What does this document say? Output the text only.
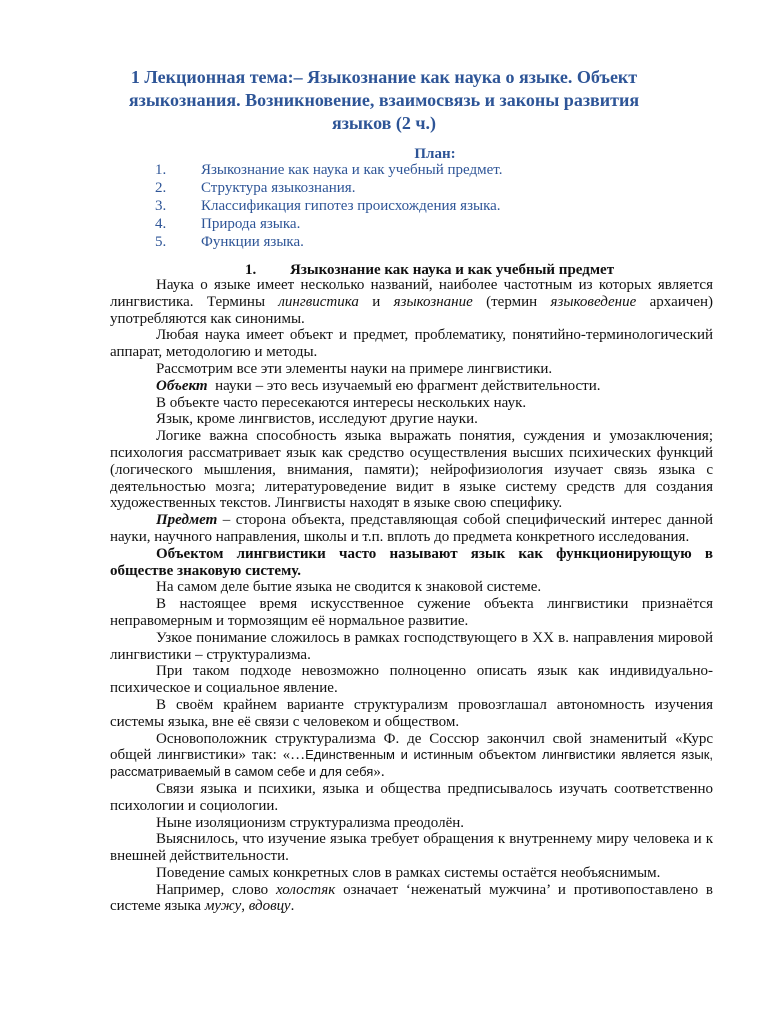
1 Лекционная тема:– Языкознание как наука о языке. Объект языкознания. Возникновение, взаимосвязь и законы развития языков (2 ч.)
План:
1. Языкознание как наука и как учебный предмет.
2. Структура языкознания.
3. Классификация гипотез происхождения языка.
4. Природа языка.
5. Функции языка.
1. Языкознание как наука и как учебный предмет

Наука о языке имеет несколько названий, наиболее частотным из которых является лингвистика. Термины лингвистика и языкознание (термин языковедение архаичен) употребляются как синонимы.

Любая наука имеет объект и предмет, проблематику, понятийно-терминологический аппарат, методологию и методы.

Рассмотрим все эти элементы науки на примере лингвистики.

Объект науки – это весь изучаемый ею фрагмент действительности.

В объекте часто пересекаются интересы нескольких наук.

Язык, кроме лингвистов, исследуют другие науки.

Логике важна способность языка выражать понятия, суждения и умозаключения; психология рассматривает язык как средство осуществления высших психических функций (логического мышления, внимания, памяти); нейрофизиология изучает связь языка с деятельностью мозга; литературоведение видит в языке систему средств для создания художественных текстов. Лингвисты находят в языке свою специфику.

Предмет – сторона объекта, представляющая собой специфический интерес данной науки, научного направления, школы и т.п. вплоть до предмета конкретного исследования.

Объектом лингвистики часто называют язык как функционирующую в обществе знаковую систему.

На самом деле бытие языка не сводится к знаковой системе.

В настоящее время искусственное сужение объекта лингвистики признаётся неправомерным и тормозящим её нормальное развитие.

Узкое понимание сложилось в рамках господствующего в XX в. направления мировой лингвистики – структурализма.

При таком подходе невозможно полноценно описать язык как индивидуально-психическое и социальное явление.

В своём крайнем варианте структурализм провозглашал автономность изучения системы языка, вне её связи с человеком и обществом.

Основоположник структурализма Ф. де Соссюр закончил свой знаменитый «Курс общей лингвистики» так: «…Единственным и истинным объектом лингвистики является язык, рассматриваемый в самом себе и для себя».

Связи языка и психики, языка и общества предписывалось изучать соответственно психологии и социологии.

Ныне изоляционизм структурализма преодолён.

Выяснилось, что изучение языка требует обращения к внутреннему миру человека и к внешней действительности.

Поведение самых конкретных слов в рамках системы остаётся необъяснимым.

Например, слово холостяк означает ‘неженатый мужчина’ и противопоставлено в системе языка мужу, вдовцу.
